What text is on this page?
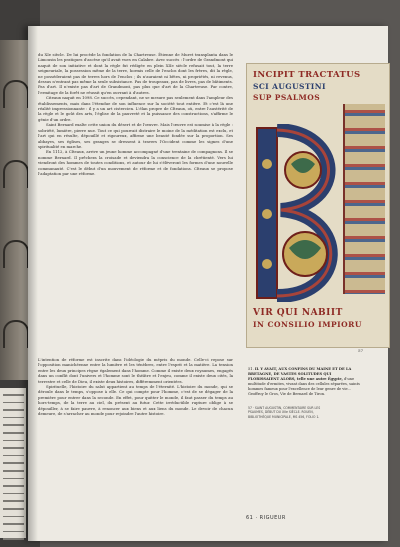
du XIe siècle. De lui procède la fondation de la Chartreuse. Étienne de Muret transplanta dans le Limousin les pratiques d'ascèse qu'il avait vues en Calabre. Avec succès : l'ordre de Grandmont qui naquit de son initiative et dont la règle fut rédigée en plein XIIe siècle refusait tout, la terre seigneuriale, la possession même de la terre, hormis celle de l'enclos dont les frères, dit la règle, ne posséderaient pas de terres hors de l'enclos ; ils n'auraient ni bêtes, ni propriétés, ni revenus, dessus n'entrant pas même la seule subsistance. Pas de troupeaux, pas de livres, pas de bâtiments. Pas d'art. Il n'existe pas d'art de Grandmont, pas plus que d'art de la Chartreuse. Par contre, l'ermitage de la forêt ne réussit qu'en ouvrant à d'autres.

Citeaux naquit en 1098. Ce succès, cependant, ne se mesure pas seulement dans l'ampleur des établissements, mais dans l'étendue de son influence sur la société tout entière. Et c'est là une réalité impressionnante : il y a un art cistercien. L'élan propre de Cîteaux, où, entre l'austérité de la règle et le goût des arts, l'église de la pauvreté et la puissance des constructions, s'affirme le génie d'un ordre.

Saint Bernard exalte cette union du désert et de l'œuvre. Mais l'œuvre est soumise à la règle : sobriété, lumière, pierre nue. Tout ce qui pourrait distraire le moine de la méditation est exclu, et l'art qui en résulte, dépouillé et rigoureux, affirme une beauté fondée sur la proportion. Ses abbayes, ses églises, ses granges se dressent à travers l'Occident comme les signes d'une spiritualité en marche.

En 1112, à Cîteaux, arrive un jeune homme accompagné d'une trentaine de compagnons. Il se nomme Bernard. Il prêchera la croisade et deviendra la conscience de la chrétienté. Vers lui viendront des hommes de toutes conditions, et autour de lui s'élèveront les formes d'une nouvelle communauté. C'est le début d'un mouvement de réforme et de fondations. Cîteaux se propose l'adaptation par une réforme.

INCIPIT TRACTATUS
SCI AUGUSTINI
SUP PSALMOS
VIR QUI NABIIT
IN CONSILIO IMPIORU
57

L'intention de réforme est inscrite dans l'idéologie du mépris du monde. Celle-ci repose sur l'opposition manichéenne entre la lumière et les ténèbres, entre l'esprit et la matière. La tension entre les deux principes règne également dans l'homme. Comme il existe deux royaumes, engagés dans un conflit dont l'univers et l'homme sont le théâtre et l'enjeu, comme il existe deux cités, la terrestre et celle de Dieu, il existe deux histoires, différemment orientées.

Spirituelle, l'histoire du salut appartient au temps de l'éternité. L'histoire du monde, qui se déroule dans le temps, s'oppose à elle. Ce qui compte pour l'homme, c'est de se dégager de la première pour entrer dans la seconde. En effet, pour quitter le monde, il faut passer du temps au hors-temps, de la terre au ciel, du présent au futur. Cette irréductible rupture oblige à se dépouiller, à se faire pauvre, à renoncer aux biens et aux liens du monde. Le devoir de chacun demeure, de s'arracher au monde pour rejoindre l'autre histoire.

51. IL Y AVAIT, AUX CONFINS DU MAINE ET DE LA BRETAGNE, DE VASTES SOLITUDES QUI FLORISSAIENT ALORS, telle une autre Égypte, d'une multitude d'ermites, vivant dans des cellules séparées, saints hommes fameux pour l'excellence de leur genre de vie… Geoffroy le Gros, Vie de Bernard de Tiron.
57 · SAINT AUGUSTIN, COMMENTAIRE SUR LES PSAUMES, DÉBUT DU XIIe SIÈCLE. ROUEN, BIBLIOTHÈQUE MUNICIPALE, MS 456, FOLIO 1.
61 · RIGUEUR
